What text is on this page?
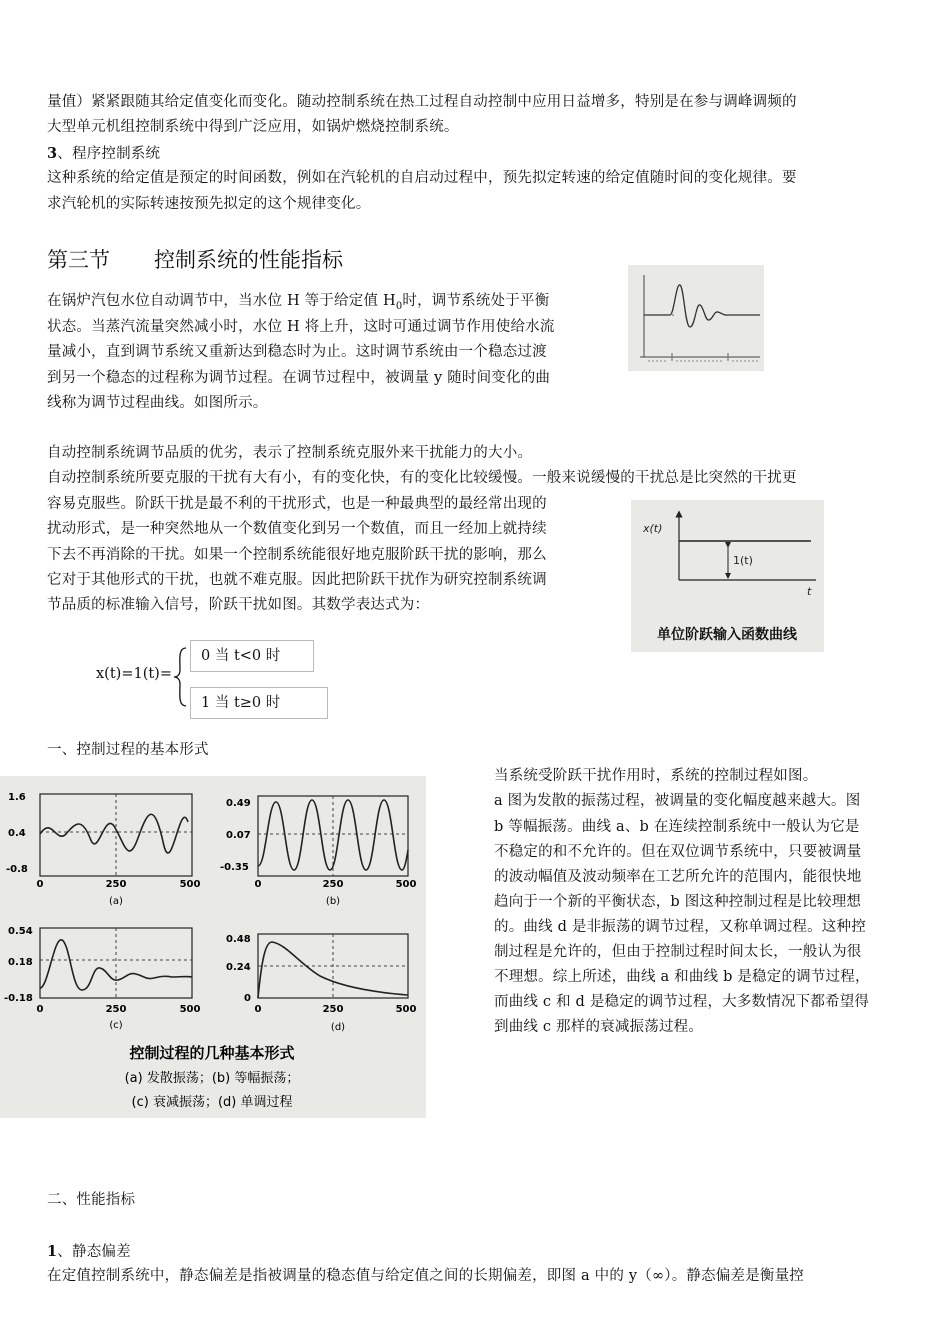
量值）紧紧跟随其给定值变化而变化。随动控制系统在热工过程自动控制中应用日益增多，特别是在参与调峰调频的
大型单元机组控制系统中得到广泛应用，如锅炉燃烧控制系统。
3、程序控制系统
这种系统的给定值是预定的时间函数，例如在汽轮机的自启动过程中，预先拟定转速的给定值随时间的变化规律。要
求汽轮机的实际转速按预先拟定的这个规律变化。
第三节 控制系统的性能指标
在锅炉汽包水位自动调节中，当水位 H 等于给定值 $H_0$时，调节系统处于平衡
状态。当蒸汽流量突然减小时，水位 H 将上升，这时可通过调节作用使给水流
量减小，直到调节系统又重新达到稳态时为止。这时调节系统由一个稳态过渡
到另一个稳态的过程称为调节过程。在调节过程中，被调量 y 随时间变化的曲
线称为调节过程曲线。如图所示。
自动控制系统调节品质的优劣，表示了控制系统克服外来干扰能力的大小。
自动控制系统所要克服的干扰有大有小，有的变化快，有的变化比较缓慢。一般来说缓慢的干扰总是比突然的干扰更
容易克服些。阶跃干扰是最不利的干扰形式，也是一种最典型的最经常出现的
扰动形式，是一种突然地从一个数值变化到另一个数值，而且一经加上就持续
下去不再消除的干扰。如果一个控制系统能很好地克服阶跃干扰的影响，那么
它对于其他形式的干扰，也就不难克服。因此把阶跃干扰作为研究控制系统调
节品质的标准输入信号，阶跃干扰如图。其数学表达式为：
x(t)
1(t)
t
单位阶跃输入函数曲线
x(t)=1(t)=
0 当 t<0 时
1 当 t≥0 时
一、控制过程的基本形式
1.6
0.4
-0.8
0	250	500
(a)
0.49
0.07
-0.35
0	250	500
(b)
0.54
0.18
-0.18
0	250	500
(c)
0.48
0.24
0
0	250	500
(d)
控制过程的几种基本形式
(a) 发散振荡；(b) 等幅振荡；
(c) 衰减振荡；(d) 单调过程
当系统受阶跃干扰作用时，系统的控制过程如图。
a 图为发散的振荡过程，被调量的变化幅度越来越大。图
b 等幅振荡。曲线 a、b 在连续控制系统中一般认为它是
不稳定的和不允许的。但在双位调节系统中，只要被调量
的波动幅值及波动频率在工艺所允许的范围内，能很快地
趋向于一个新的平衡状态，b 图这种控制过程是比较理想
的。曲线 d 是非振荡的调节过程，又称单调过程。这种控
制过程是允许的，但由于控制过程时间太长，一般认为很
不理想。综上所述，曲线 a 和曲线 b 是稳定的调节过程，
而曲线 c 和 d 是稳定的调节过程，大多数情况下都希望得
到曲线 c 那样的衰减振荡过程。
二、性能指标
1、静态偏差
在定值控制系统中，静态偏差是指被调量的稳态值与给定值之间的长期偏差，即图 a 中的 y（∞）。静态偏差是衡量控
